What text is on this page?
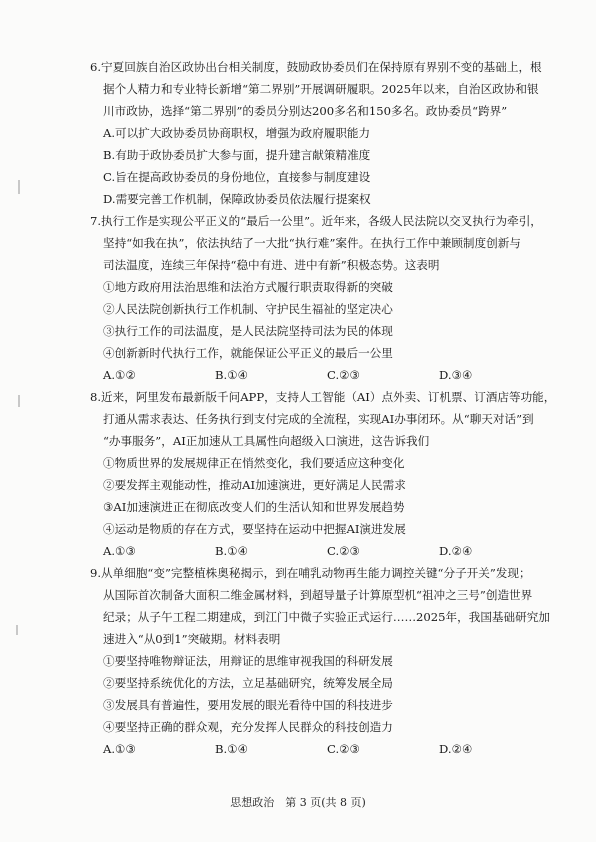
6.宁夏回族自治区政协出台相关制度，鼓励政协委员们在保持原有界别不变的基础上，根
据个人精力和专业特长新增“第二界别”开展调研履职。2025年以来，自治区政协和银
川市政协，选择“第二界别”的委员分别达200多名和150多名。政协委员“跨界”
A.可以扩大政协委员协商职权，增强为政府履职能力
B.有助于政协委员扩大参与面，提升建言献策精准度
C.旨在提高政协委员的身份地位，直接参与制度建设
D.需要完善工作机制，保障政协委员依法履行提案权
7.执行工作是实现公平正义的“最后一公里”。近年来，各级人民法院以交叉执行为牵引，
坚持“如我在执”，依法执结了一大批“执行难”案件。在执行工作中兼顾制度创新与
司法温度，连续三年保持“稳中有进、进中有新”积极态势。这表明
①地方政府用法治思维和法治方式履行职责取得新的突破
②人民法院创新执行工作机制、守护民生福祉的坚定决心
③执行工作的司法温度，是人民法院坚持司法为民的体现
④创新新时代执行工作，就能保证公平正义的最后一公里
A.①②	B.①④	C.②③	D.③④
8.近来，阿里发布最新版千问APP，支持人工智能（AI）点外卖、订机票、订酒店等功能，
打通从需求表达、任务执行到支付完成的全流程，实现AI办事闭环。从“聊天对话”到
“办事服务”，AI正加速从工具属性向超级入口演进，这告诉我们
①物质世界的发展规律正在悄然变化，我们要适应这种变化
②要发挥主观能动性，推动AI加速演进，更好满足人民需求
③AI加速演进正在彻底改变人们的生活认知和世界发展趋势
④运动是物质的存在方式，要坚持在运动中把握AI演进发展
A.①③	B.①④	C.②③	D.②④
9.从单细胞“变”完整植株奥秘揭示，到在哺乳动物再生能力调控关键“分子开关”发现；
从国际首次制备大面积二维金属材料，到超导量子计算原型机“祖冲之三号”创造世界
纪录；从子午工程二期建成，到江门中微子实验正式运行……2025年，我国基础研究加
速进入“从0到1”突破期。材料表明
①要坚持唯物辩证法，用辩证的思维审视我国的科研发展
②要坚持系统优化的方法，立足基础研究，统筹发展全局
③发展具有普遍性，要用发展的眼光看待中国的科技进步
④要坚持正确的群众观，充分发挥人民群众的科技创造力
A.①③	B.①④	C.②③	D.②④
思想政治　第 3 页(共 8 页)
